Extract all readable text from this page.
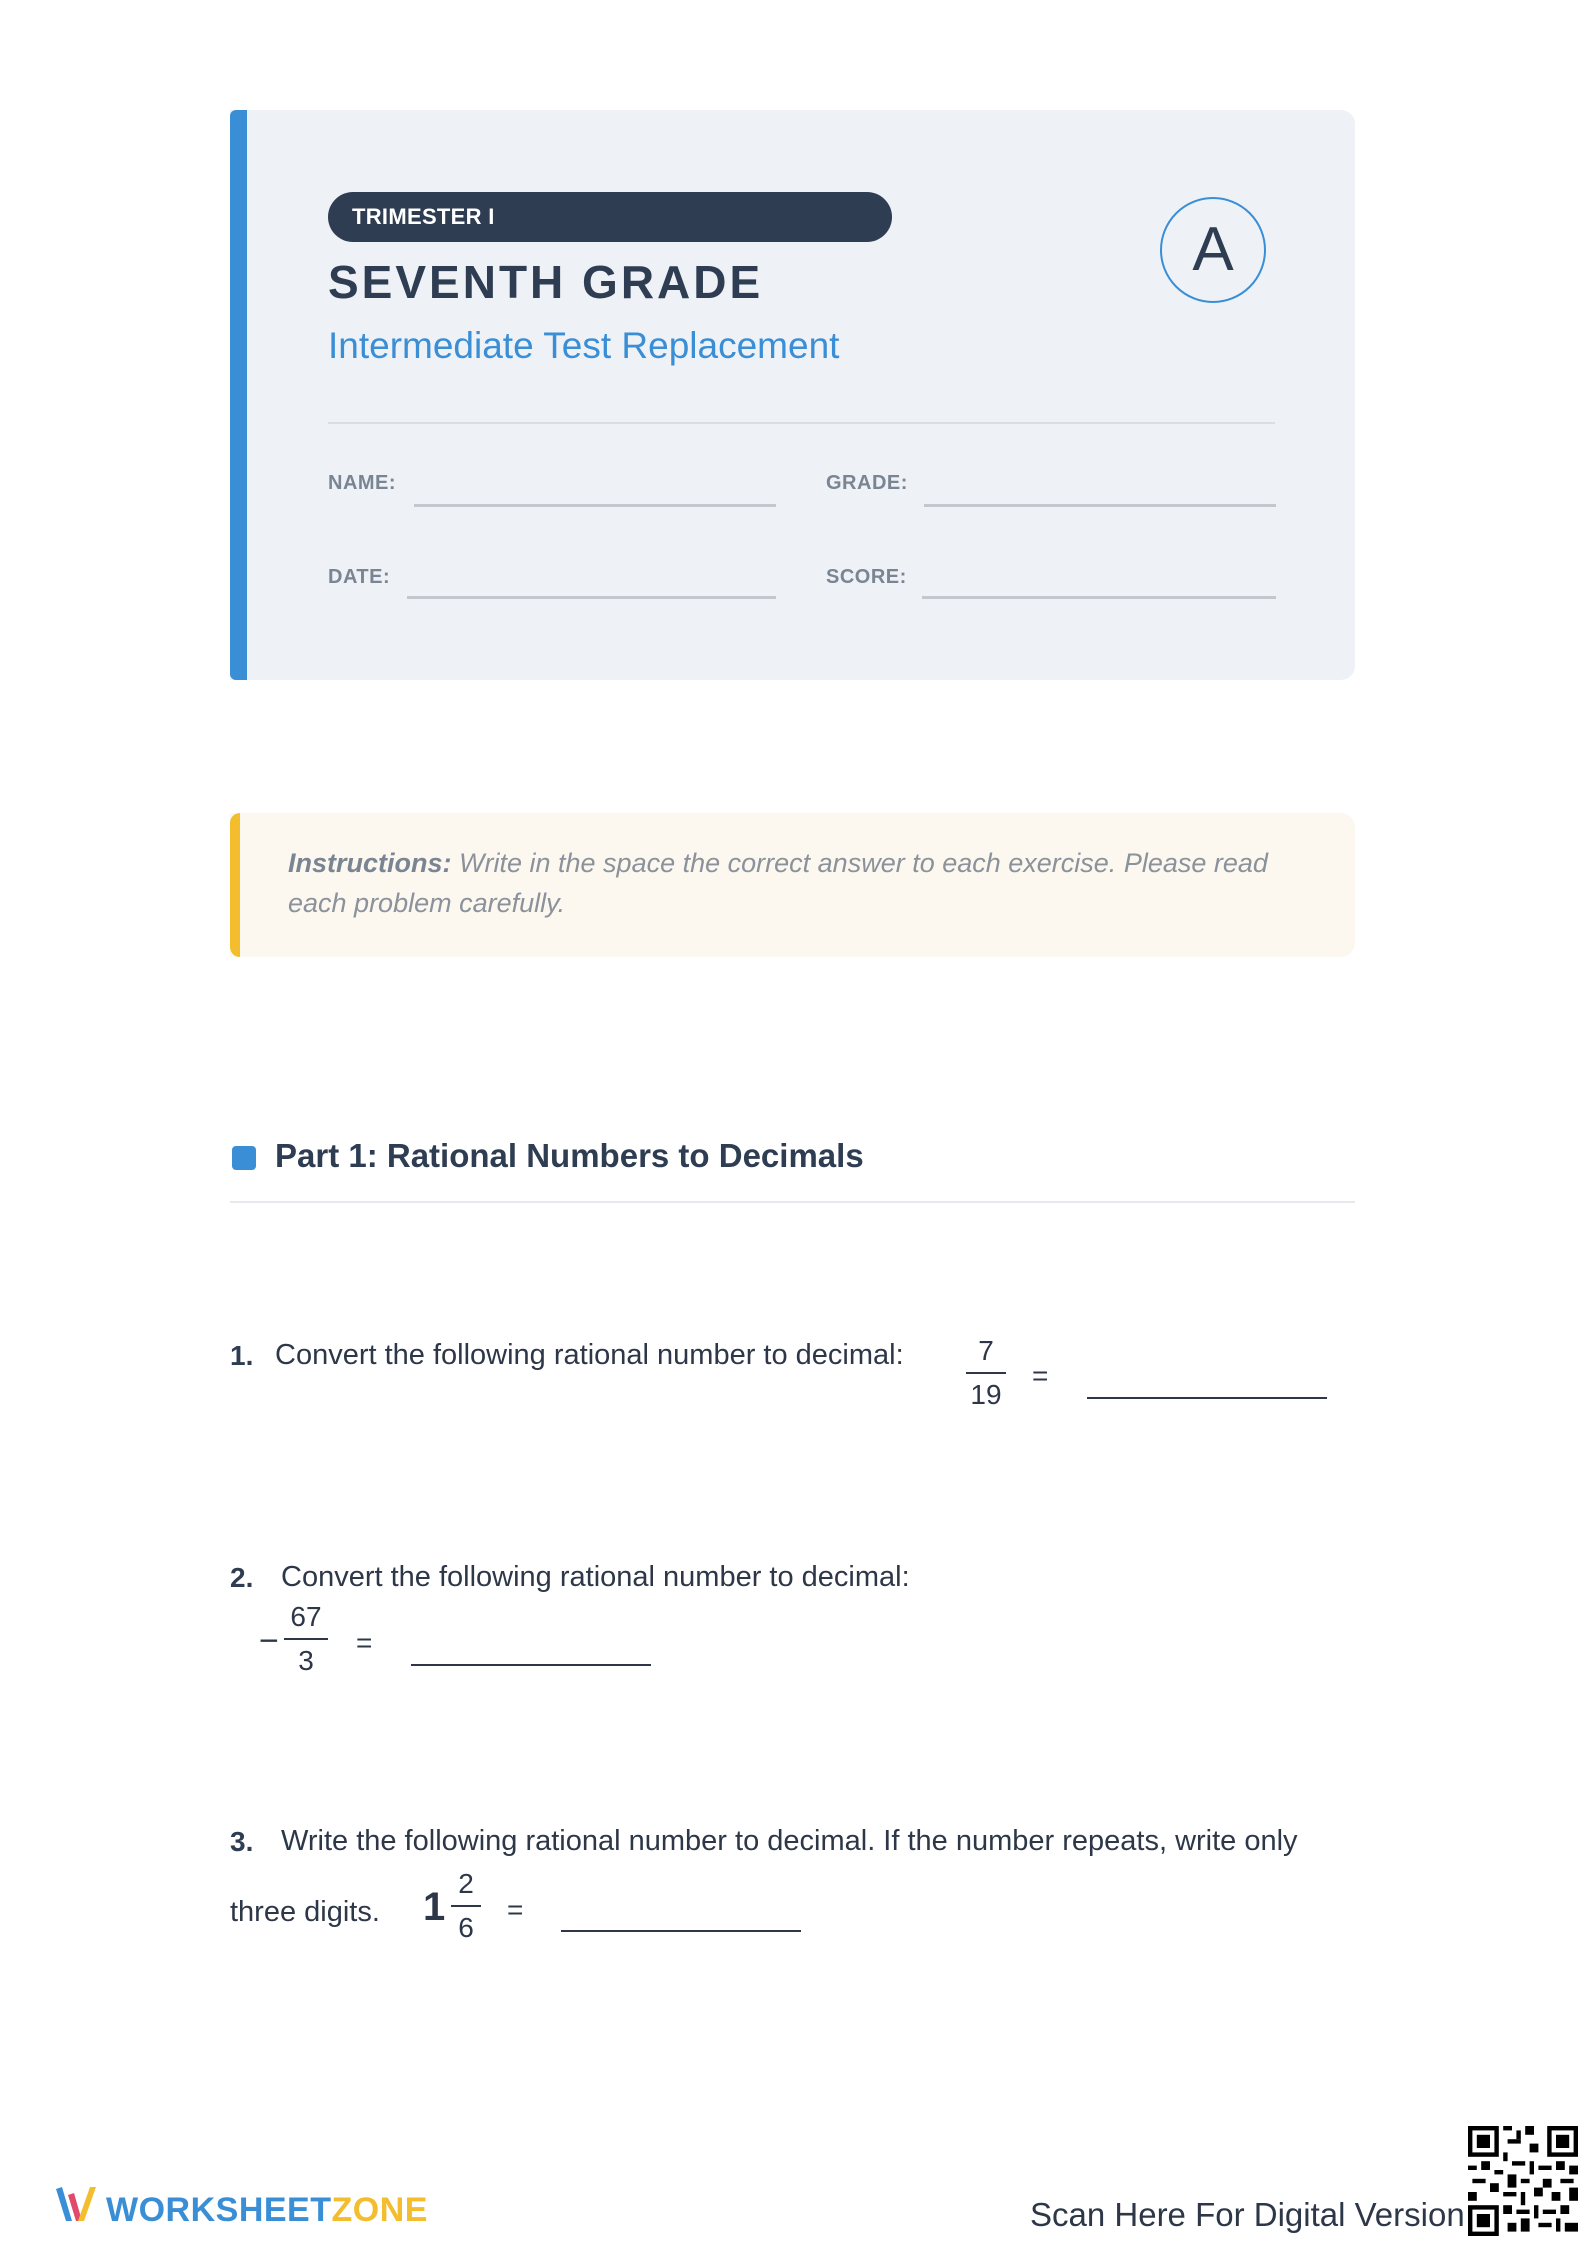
TRIMESTER I
SEVENTH GRADE
Intermediate Test Replacement
A
NAME:	GRADE:
DATE:	SCORE:
Instructions: Write in the space the correct answer to each exercise. Please read each problem carefully.
Part 1: Rational Numbers to Decimals
1. Convert the following rational number to decimal:	7
19
=
2. Convert the following rational number to decimal:
−
67
3
=
3. Write the following rational number to decimal. If the number repeats, write only
three digits. 1
2
6
=
WORKSHEETZONE	Scan Here For Digital Version
